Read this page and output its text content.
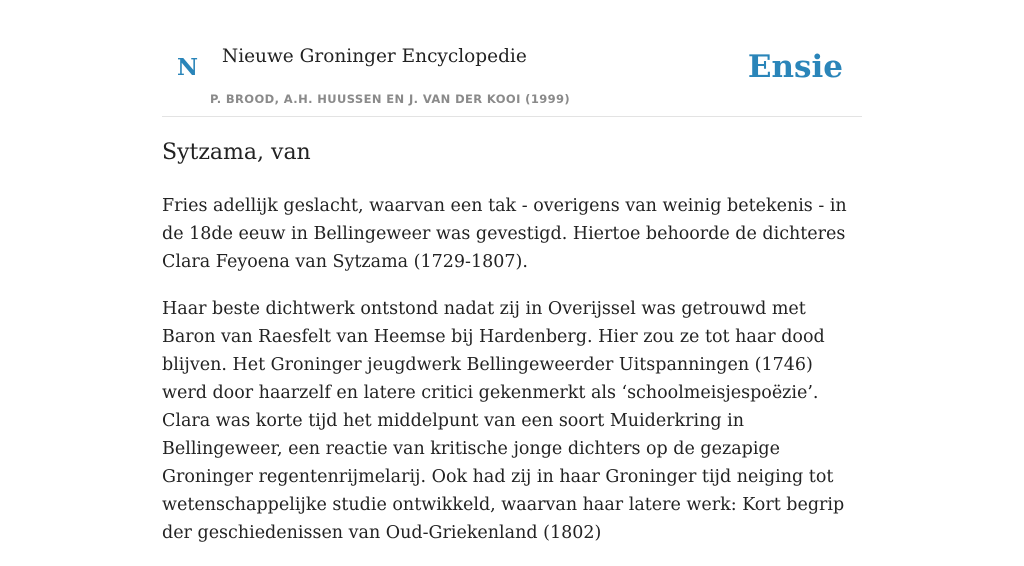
N Nieuwe Groninger Encyclopedie
P. BROOD, A.H. HUUSSEN EN J. VAN DER KOOI (1999)
Ensie
Sytzama, van

Fries adellijk geslacht, waarvan een tak - overigens van weinig betekenis - in de 18de eeuw in Bellingeweer was gevestigd. Hiertoe behoorde de dichteres Clara Feyoena van Sytzama (1729-1807).

Haar beste dichtwerk ontstond nadat zij in Overijssel was getrouwd met Baron van Raesfelt van Heemse bij Hardenberg. Hier zou ze tot haar dood blijven. Het Groninger jeugdwerk Bellingeweerder Uitspanningen (1746) werd door haarzelf en latere critici gekenmerkt als ‘schoolmeisjespoëzie’. Clara was korte tijd het middelpunt van een soort Muiderkring in Bellingeweer, een reactie van kritische jonge dichters op de gezapige Groninger regentenrijmelarij. Ook had zij in haar Groninger tijd neiging tot wetenschappelijke studie ontwikkeld, waarvan haar latere werk: Kort begrip der geschiedenissen van Oud-Griekenland (1802)
